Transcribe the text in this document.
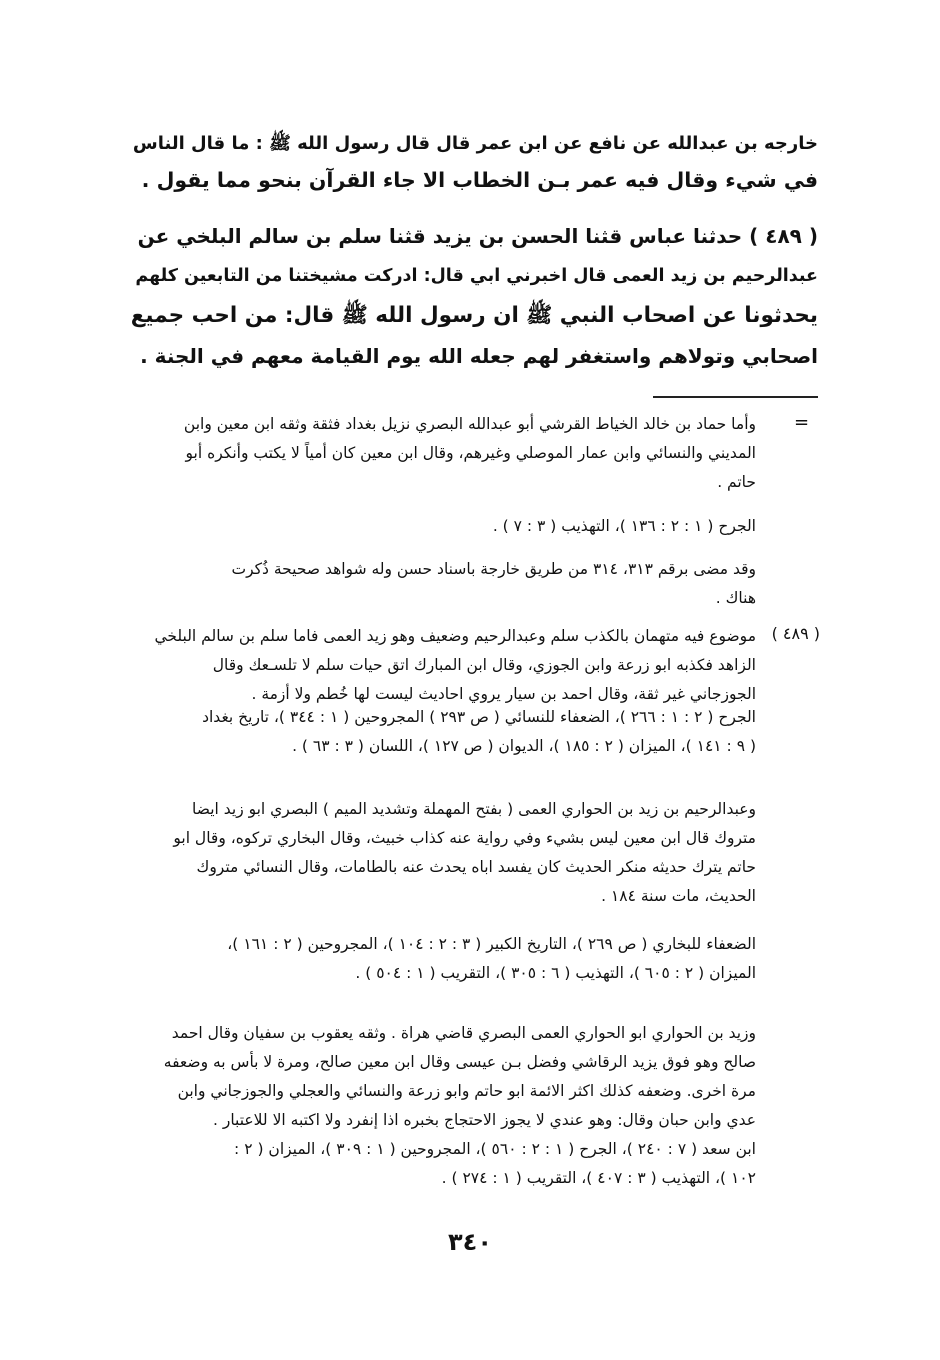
خارجه بن عبدالله عن نافع عن ابن عمر قال قال رسول الله ﷺ : ما قال الناس
في شيء وقال فيه عمر بـن الخطاب الا جاء القرآن بنحو مما يقول .
( ٤٨٩ ) حدثنا عباس قثنا الحسن بن يزيد قثنا سلم بن سالم البلخي عن
عبدالرحيم بن زيد العمى قال اخبرني ابي قال: ادركت مشيختنا من التابعين كلهم
يحدثونا عن اصحاب النبي ﷺ ان رسول الله ﷺ قال: من احب جميع
اصحابي وتولاهم واستغفر لهم جعله الله يوم القيامة معهم في الجنة .
=
وأما حماد بن خالد الخياط القرشي أبو عبدالله البصري نزيل بغداد فثقة وثقه ابن معين وابن
المديني والنسائي وابن عمار الموصلي وغيرهم، وقال ابن معين كان أمياً لا يكتب وأنكره أبو
حاتم .
الجرح ( ١ : ٢ : ١٣٦ )، التهذيب ( ٣ : ٧ ) .
وقد مضى برقم ٣١٣، ٣١٤ من طريق خارجة باسناد حسن وله شواهد صحيحة ذُكرت
هناك .
( ٤٨٩ )
موضوع فيه متهمان بالكذب سلم وعبدالرحيم وضعيف وهو زيد العمى فاما سلم بن سالم البلخي
الزاهد فكذبه ابو زرعة وابن الجوزي، وقال ابن المبارك اتق حيات سلم لا تلسـعك وقال
الجوزجاني غير ثقة، وقال احمد بن سيار يروي احاديث ليست لها خُطم ولا أزمة .
الجرح ( ٢ : ١ : ٢٦٦ )، الضعفاء للنسائي ( ص ٢٩٣ ) المجروحين ( ١ : ٣٤٤ )، تاريخ بغداد
( ٩ : ١٤١ )، الميزان ( ٢ : ١٨٥ )، الديوان ( ص ١٢٧ )، اللسان ( ٣ : ٦٣ ) .
وعبدالرحيم بن زيد بن الحواري العمى ( بفتح المهملة وتشديد الميم ) البصري ابو زيد ايضا
متروك قال ابن معين ليس بشيء وفي رواية عنه كذاب خبيث، وقال البخاري تركوه، وقال ابو
حاتم يترك حديثه منكر الحديث كان يفسد اباه يحدث عنه بالطامات، وقال النسائي متروك
الحديث، مات سنة ١٨٤ .
الضعفاء للبخاري ( ص ٢٦٩ )، التاريخ الكبير ( ٣ : ٢ : ١٠٤ )، المجروحين ( ٢ : ١٦١ )،
الميزان ( ٢ : ٦٠٥ )، التهذيب ( ٦ : ٣٠٥ )، التقريب ( ١ : ٥٠٤ ) .
وزيد بن الحواري ابو الحواري العمى البصري قاضي هراة . وثقه يعقوب بن سفيان وقال احمد
صالح وهو فوق يزيد الرقاشي وفضل بـن عيسى وقال ابن معين صالح، ومرة لا بأس به وضعفه
مرة اخرى. وضعفه كذلك اكثر الائمة ابو حاتم وابو زرعة والنسائي والعجلي والجوزجاني وابن
عدي وابن حبان وقال: وهو عندي لا يجوز الاحتجاج بخبره اذا إنفرد ولا اكتبه الا للاعتبار .
ابن سعد ( ٧ : ٢٤٠ )، الجرح ( ١ : ٢ : ٥٦٠ )، المجروحين ( ١ : ٣٠٩ )، الميزان ( ٢ :
١٠٢ )، التهذيب ( ٣ : ٤٠٧ )، التقريب ( ١ : ٢٧٤ ) .
٣٤٠
